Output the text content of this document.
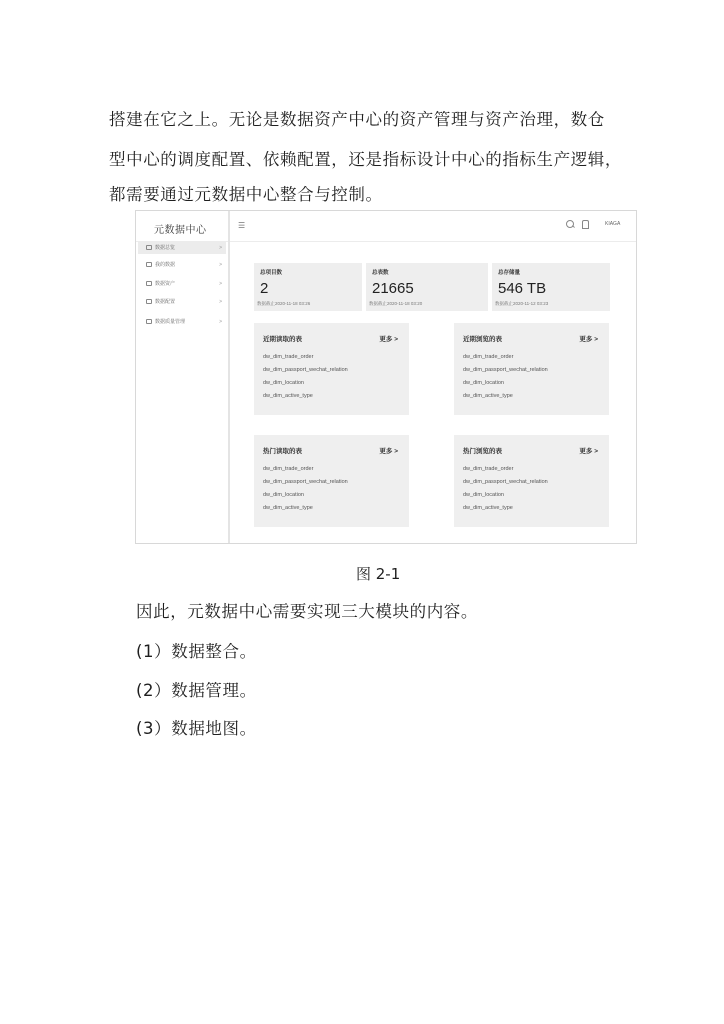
搭建在它之上。无论是数据资产中心的资产管理与资产治理，数仓
型中心的调度配置、依赖配置，还是指标设计中心的指标生产逻辑，
都需要通过元数据中心整合与控制。
元数据中心
数据总览	>
我的数据	>
数据资产	>
数据配置	>
数据质量管理	>
☰	KIAGA
总项目数
2
数据截止2020-11-18 03:26
总表数
21665
数据截止2020-11-18 03:20
总存储量
546 TB
数据截止2020-11-12 03:23
近期读取的表	更多 >
dw_dim_trade_order
dw_dim_passport_wechat_relation
dw_dim_location
dw_dim_active_type
近期浏览的表	更多 >
dw_dim_trade_order
dw_dim_passport_wechat_relation
dw_dim_location
dw_dim_active_type
热门读取的表	更多 >
dw_dim_trade_order
dw_dim_passport_wechat_relation
dw_dim_location
dw_dim_active_type
热门浏览的表	更多 >
dw_dim_trade_order
dw_dim_passport_wechat_relation
dw_dim_location
dw_dim_active_type
图 2-1
因此，元数据中心需要实现三大模块的内容。
(1）数据整合。
(2）数据管理。
(3）数据地图。
